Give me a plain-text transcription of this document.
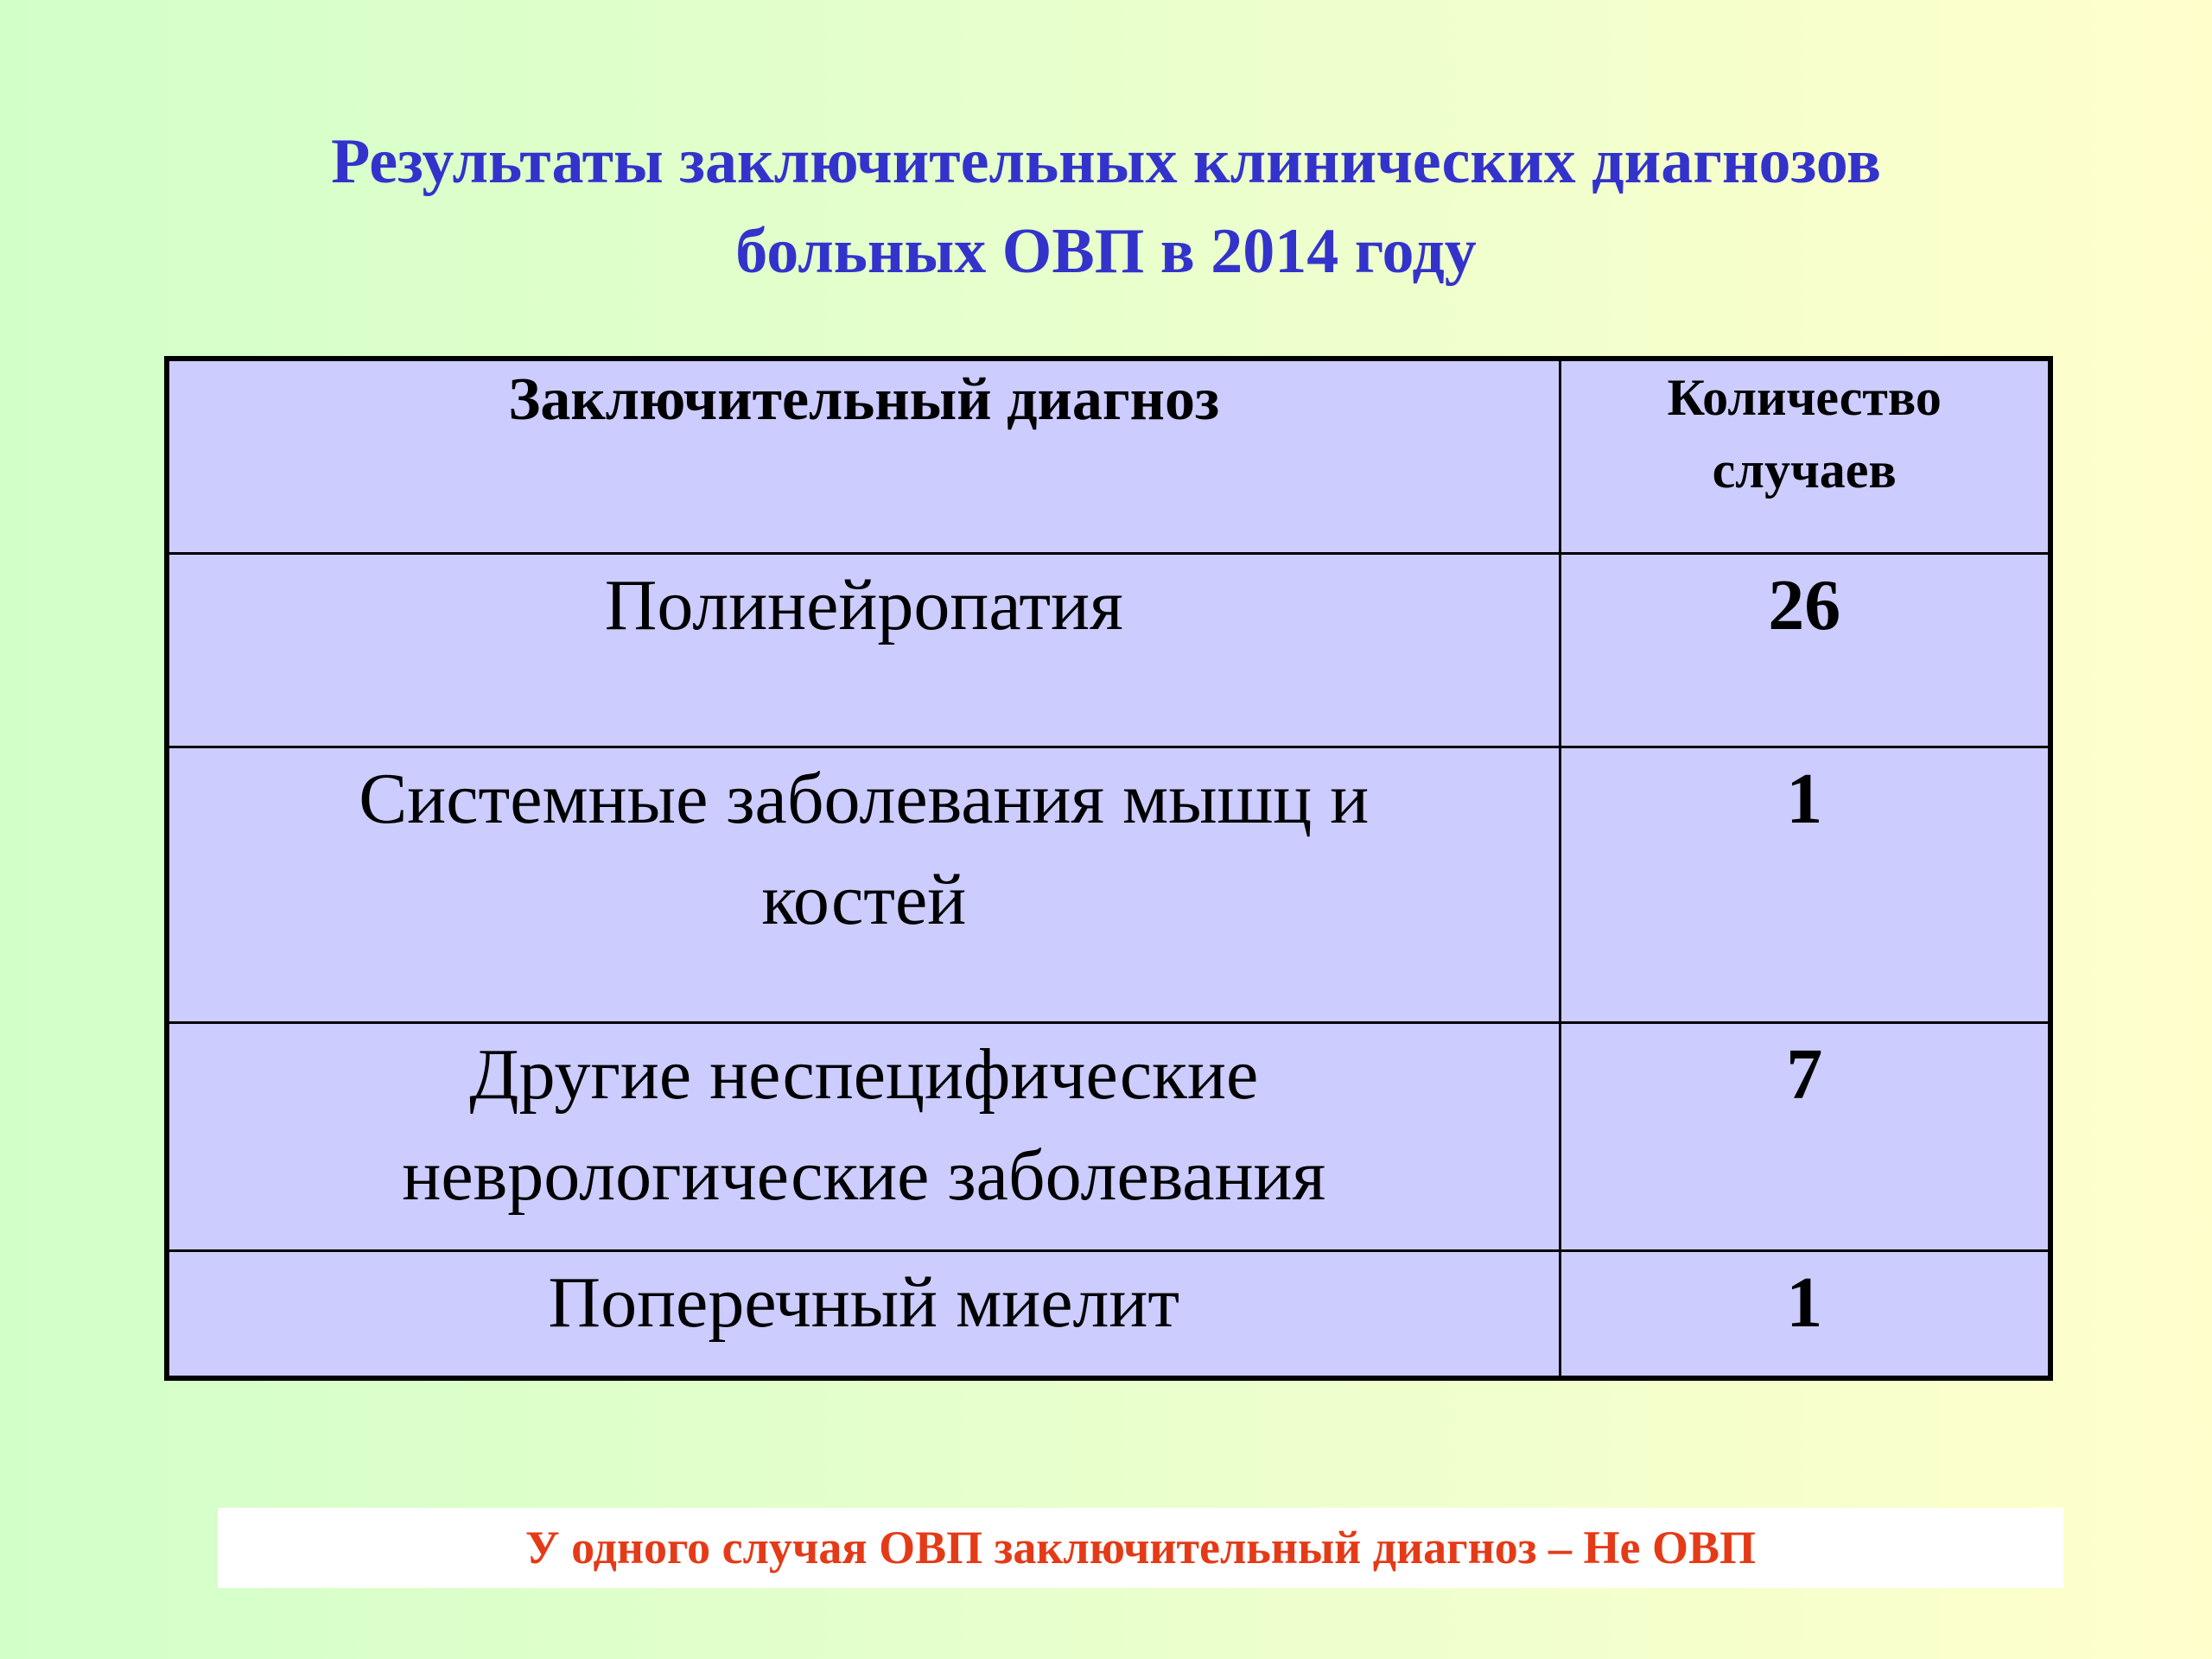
Результаты заключительных клинических диагнозов
больных ОВП в 2014 году
Заключительный диагноз	Количество
случаев

Полинейропатия	26

Системные заболевания мышц и
костей	1

Другие неспецифические
неврологические заболевания	7
Поперечный миелит	1
У одного случая ОВП заключительный диагноз – Не ОВП
